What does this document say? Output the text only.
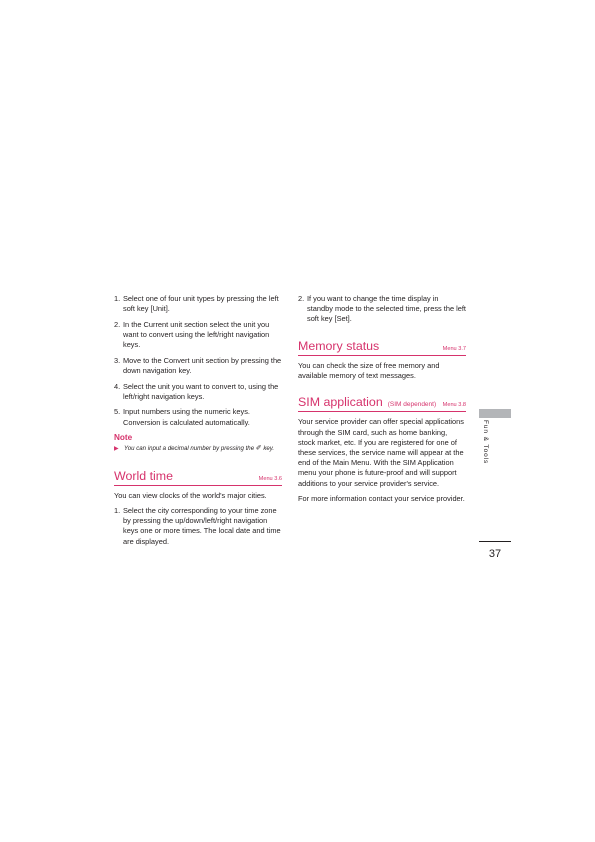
1. Select one of four unit types by pressing the left soft key [Unit].
2. In the Current unit section select the unit you want to convert using the left/right navigation keys.
3. Move to the Convert unit section by pressing the down navigation key.
4. Select the unit you want to convert to, using the left/right navigation keys.
5. Input numbers using the numeric keys. Conversion is calculated automatically.
Note
▶ You can input a decimal number by pressing the ✐ key.
World time	Menu 3.6

You can view clocks of the world's major cities.

1. Select the city corresponding to your time zone by pressing the up/down/left/right navigation keys one or more times. The local date and time are displayed.
2. If you want to change the time display in standby mode to the selected time, press the left soft key [Set].
Memory status	Menu 3.7

You can check the size of free memory and available memory of text messages.

SIM application (SIM dependent) Menu 3.8

Your service provider can offer special applications through the SIM card, such as home banking, stock market, etc. If you are registered for one of these services, the service name will appear at the end of the Main Menu. With the SIM Application menu your phone is future-proof and will support additions to your service provider's service.

For more information contact your service provider.

Fun & Tools
37
